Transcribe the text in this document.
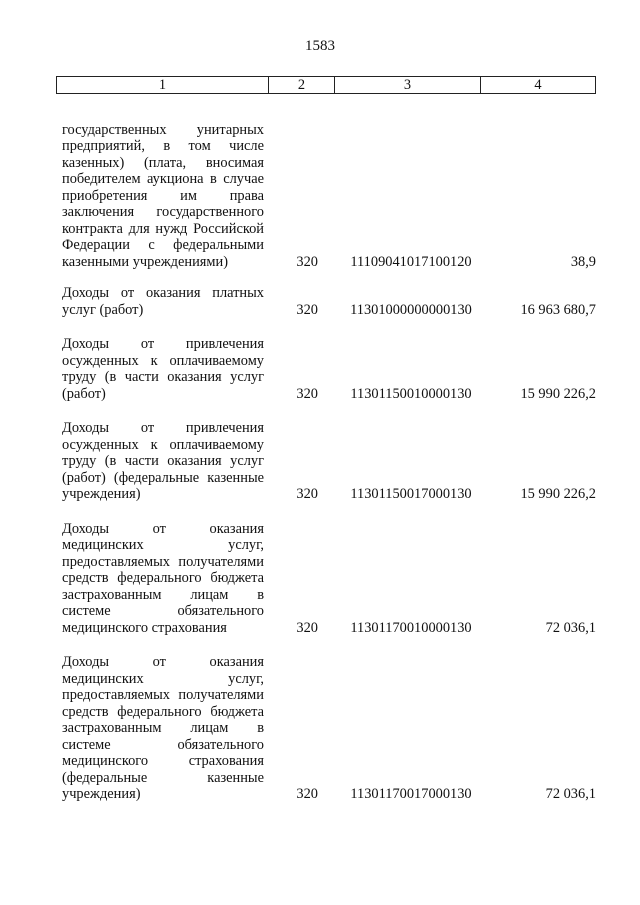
1583
1	2	3	4
государственных унитарных предприятий, в том числе казенных) (плата, вносимая победителем аукциона в случае приобретения им права заключения государственного контракта для нужд Российской Федерации с федеральными казенными учреждениями)	320	11109041017100120	38,9
Доходы от оказания платных услуг (работ)	320	11301000000000130	16 963 680,7
Доходы от привлечения осужденных к оплачиваемому труду (в части оказания услуг (работ)	320	11301150010000130	15 990 226,2
Доходы от привлечения осужденных к оплачиваемому труду (в части оказания услуг (работ) (федеральные казенные учреждения)	320	11301150017000130	15 990 226,2
Доходы от оказания медицинских услуг, предоставляемых получателями средств федерального бюджета застрахованным лицам в системе обязательного медицинского страхования	320	11301170010000130	72 036,1
Доходы от оказания медицинских услуг, предоставляемых получателями средств федерального бюджета застрахованным лицам в системе обязательного медицинского страхования (федеральные казенные учреждения)	320	11301170017000130	72 036,1
